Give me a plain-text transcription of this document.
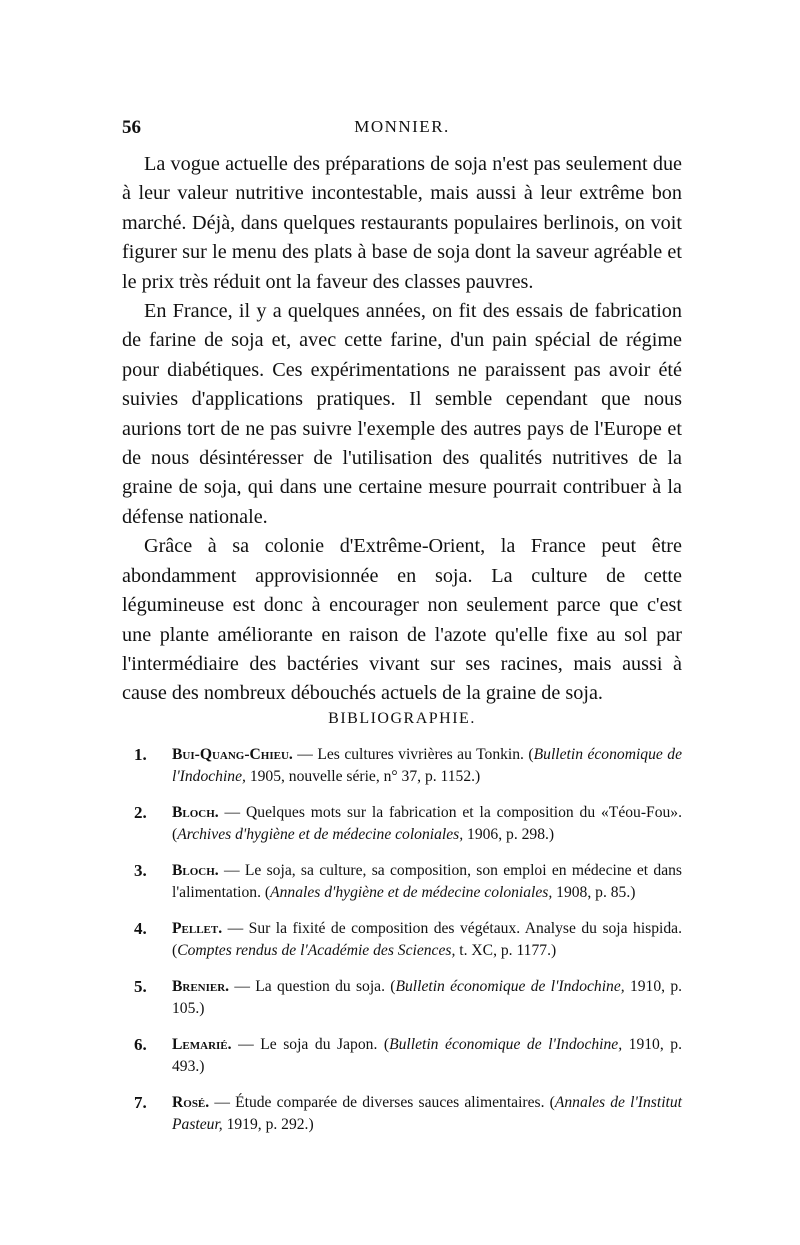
56	MONNIER.

La vogue actuelle des préparations de soja n'est pas seulement due à leur valeur nutritive incontestable, mais aussi à leur extrême bon marché. Déjà, dans quelques restaurants populaires berlinois, on voit figurer sur le menu des plats à base de soja dont la saveur agréable et le prix très réduit ont la faveur des classes pauvres.

En France, il y a quelques années, on fit des essais de fabrication de farine de soja et, avec cette farine, d'un pain spécial de régime pour diabétiques. Ces expérimentations ne paraissent pas avoir été suivies d'applications pratiques. Il semble cependant que nous aurions tort de ne pas suivre l'exemple des autres pays de l'Europe et de nous désintéresser de l'utilisation des qualités nutritives de la graine de soja, qui dans une certaine mesure pourrait contribuer à la défense nationale.

Grâce à sa colonie d'Extrême-Orient, la France peut être abondamment approvisionnée en soja. La culture de cette légumineuse est donc à encourager non seulement parce que c'est une plante améliorante en raison de l'azote qu'elle fixe au sol par l'intermédiaire des bactéries vivant sur ses racines, mais aussi à cause des nombreux débouchés actuels de la graine de soja.

BIBLIOGRAPHIE.
1. Bui-Quang-Chieu. — Les cultures vivrières au Tonkin. (Bulletin économique de l'Indochine, 1905, nouvelle série, n° 37, p. 1152.)
2. Bloch. — Quelques mots sur la fabrication et la composition du «Téou-Fou». (Archives d'hygiène et de médecine coloniales, 1906, p. 298.)
3. Bloch. — Le soja, sa culture, sa composition, son emploi en médecine et dans l'alimentation. (Annales d'hygiène et de médecine coloniales, 1908, p. 85.)
4. Pellet. — Sur la fixité de composition des végétaux. Analyse du soja hispida. (Comptes rendus de l'Académie des Sciences, t. XC, p. 1177.)
5. Brenier. — La question du soja. (Bulletin économique de l'Indochine, 1910, p. 105.)
6. Lemarié. — Le soja du Japon. (Bulletin économique de l'Indochine, 1910, p. 493.)
7. Rosé. — Étude comparée de diverses sauces alimentaires. (Annales de l'Institut Pasteur, 1919, p. 292.)
